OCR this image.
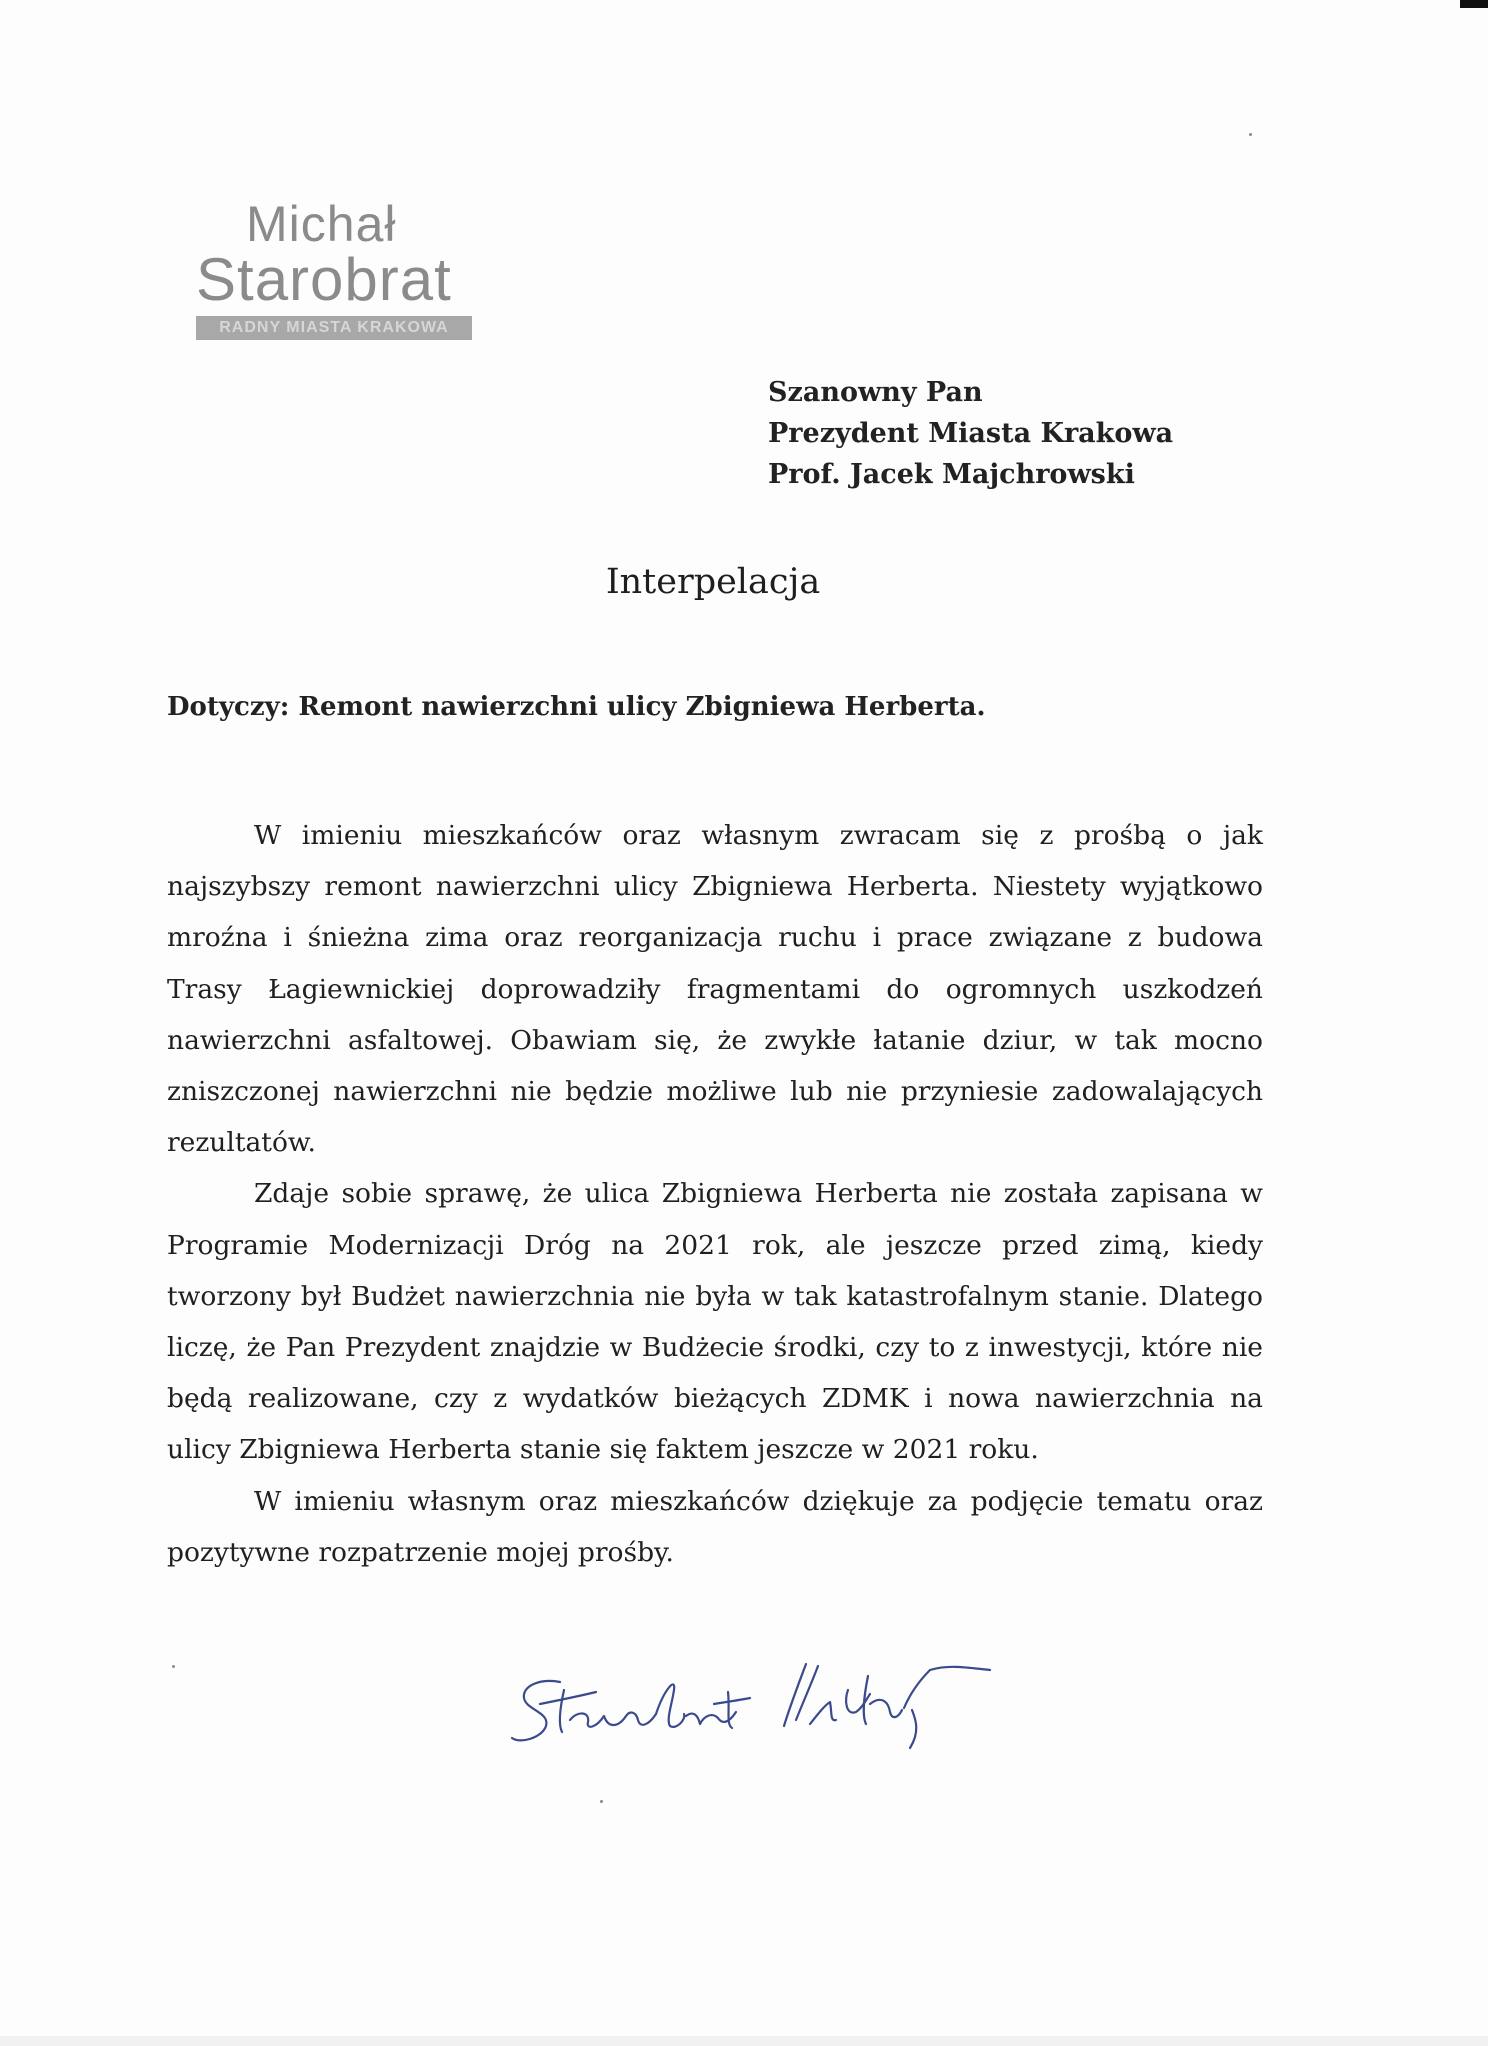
Michał
Starobrat
RADNY MIASTA KRAKOWA
Szanowny Pan
Prezydent Miasta Krakowa
Prof. Jacek Majchrowski
Interpelacja
Dotyczy: Remont nawierzchni ulicy Zbigniewa Herberta.

W imieniu mieszkańców oraz własnym zwracam się z prośbą o jak najszybszy remont nawierzchni ulicy Zbigniewa Herberta. Niestety wyjątkowo mroźna i śnieżna zima oraz reorganizacja ruchu i prace związane z budowa Trasy Łagiewnickiej doprowadziły fragmentami do ogromnych uszkodzeń nawierzchni asfaltowej. Obawiam się, że zwykłe łatanie dziur, w tak mocno zniszczonej nawierzchni nie będzie możliwe lub nie przyniesie zadowalających rezultatów.

Zdaje sobie sprawę, że ulica Zbigniewa Herberta nie została zapisana w Programie Modernizacji Dróg na 2021 rok, ale jeszcze przed zimą, kiedy tworzony był Budżet nawierzchnia nie była w tak katastrofalnym stanie. Dlatego liczę, że Pan Prezydent znajdzie w Budżecie środki, czy to z inwestycji, które nie będą realizowane, czy z wydatków bieżących ZDMK i nowa nawierzchnia na ulicy Zbigniewa Herberta stanie się faktem jeszcze w 2021 roku.

W imieniu własnym oraz mieszkańców dziękuje za podjęcie tematu oraz pozytywne rozpatrzenie mojej prośby.
